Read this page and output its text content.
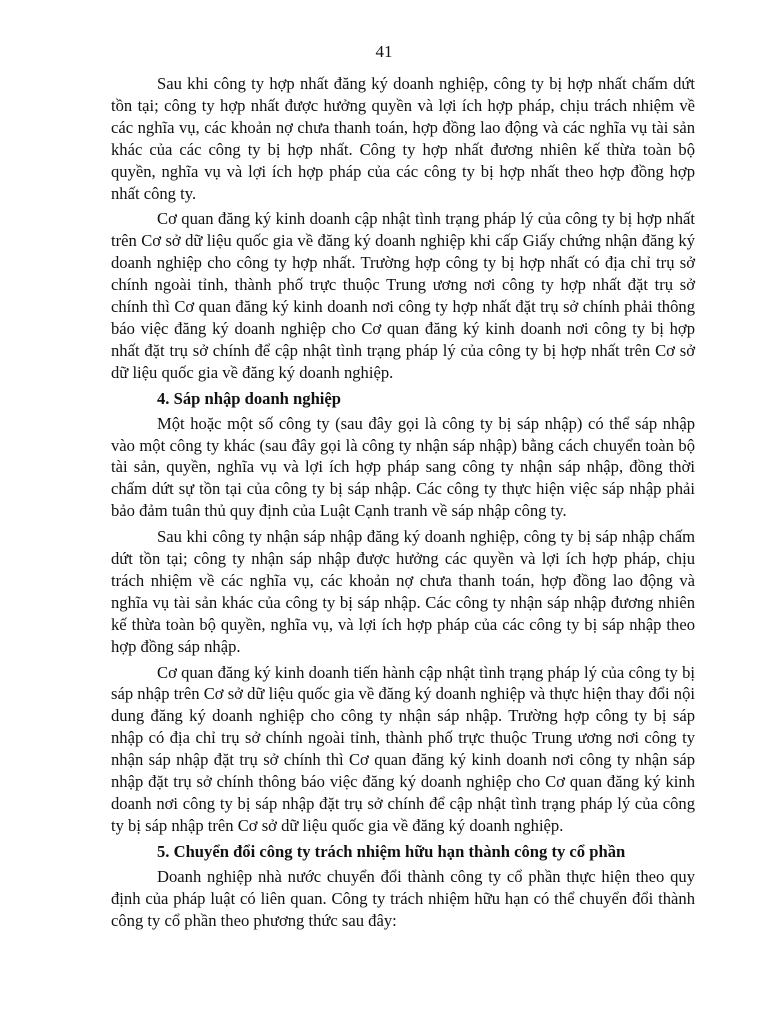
41

Sau khi công ty hợp nhất đăng ký doanh nghiệp, công ty bị hợp nhất chấm dứt tồn tại; công ty hợp nhất được hưởng quyền và lợi ích hợp pháp, chịu trách nhiệm về các nghĩa vụ, các khoản nợ chưa thanh toán, hợp đồng lao động và các nghĩa vụ tài sản khác của các công ty bị hợp nhất. Công ty hợp nhất đương nhiên kế thừa toàn bộ quyền, nghĩa vụ và lợi ích hợp pháp của các công ty bị hợp nhất theo hợp đồng hợp nhất công ty.

Cơ quan đăng ký kinh doanh cập nhật tình trạng pháp lý của công ty bị hợp nhất trên Cơ sở dữ liệu quốc gia về đăng ký doanh nghiệp khi cấp Giấy chứng nhận đăng ký doanh nghiệp cho công ty hợp nhất. Trường hợp công ty bị hợp nhất có địa chỉ trụ sở chính ngoài tỉnh, thành phố trực thuộc Trung ương nơi công ty hợp nhất đặt trụ sở chính thì Cơ quan đăng ký kinh doanh nơi công ty hợp nhất đặt trụ sở chính phải thông báo việc đăng ký doanh nghiệp cho Cơ quan đăng ký kinh doanh nơi công ty bị hợp nhất đặt trụ sở chính để cập nhật tình trạng pháp lý của công ty bị hợp nhất trên Cơ sở dữ liệu quốc gia về đăng ký doanh nghiệp.

4. Sáp nhập doanh nghiệp

Một hoặc một số công ty (sau đây gọi là công ty bị sáp nhập) có thể sáp nhập vào một công ty khác (sau đây gọi là công ty nhận sáp nhập) bằng cách chuyển toàn bộ tài sản, quyền, nghĩa vụ và lợi ích hợp pháp sang công ty nhận sáp nhập, đồng thời chấm dứt sự tồn tại của công ty bị sáp nhập. Các công ty thực hiện việc sáp nhập phải bảo đảm tuân thủ quy định của Luật Cạnh tranh về sáp nhập công ty.

Sau khi công ty nhận sáp nhập đăng ký doanh nghiệp, công ty bị sáp nhập chấm dứt tồn tại; công ty nhận sáp nhập được hưởng các quyền và lợi ích hợp pháp, chịu trách nhiệm về các nghĩa vụ, các khoản nợ chưa thanh toán, hợp đồng lao động và nghĩa vụ tài sản khác của công ty bị sáp nhập. Các công ty nhận sáp nhập đương nhiên kế thừa toàn bộ quyền, nghĩa vụ, và lợi ích hợp pháp của các công ty bị sáp nhập theo hợp đồng sáp nhập.

Cơ quan đăng ký kinh doanh tiến hành cập nhật tình trạng pháp lý của công ty bị sáp nhập trên Cơ sở dữ liệu quốc gia về đăng ký doanh nghiệp và thực hiện thay đổi nội dung đăng ký doanh nghiệp cho công ty nhận sáp nhập. Trường hợp công ty bị sáp nhập có địa chỉ trụ sở chính ngoài tỉnh, thành phố trực thuộc Trung ương nơi công ty nhận sáp nhập đặt trụ sở chính thì Cơ quan đăng ký kinh doanh nơi công ty nhận sáp nhập đặt trụ sở chính thông báo việc đăng ký doanh nghiệp cho Cơ quan đăng ký kinh doanh nơi công ty bị sáp nhập đặt trụ sở chính để cập nhật tình trạng pháp lý của công ty bị sáp nhập trên Cơ sở dữ liệu quốc gia về đăng ký doanh nghiệp.

5. Chuyển đổi công ty trách nhiệm hữu hạn thành công ty cổ phần

Doanh nghiệp nhà nước chuyển đổi thành công ty cổ phần thực hiện theo quy định của pháp luật có liên quan. Công ty trách nhiệm hữu hạn có thể chuyển đổi thành công ty cổ phần theo phương thức sau đây:
